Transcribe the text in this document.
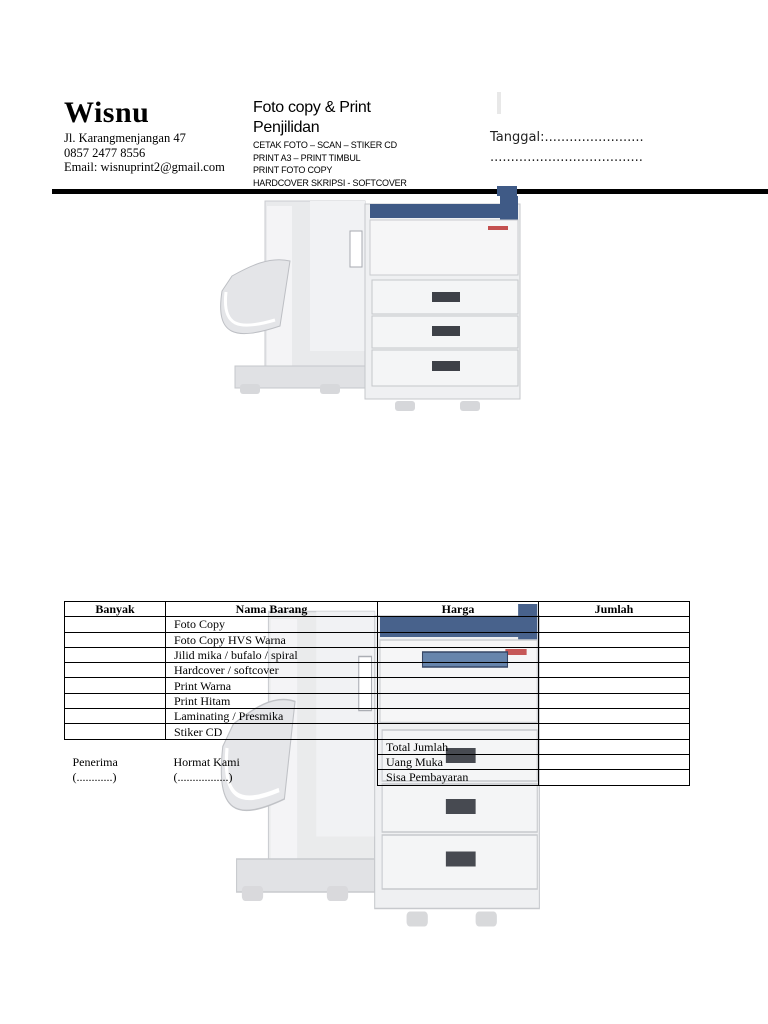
Wisnu
Jl. Karangmenjangan 47
0857 2477 8556
Email: wisnuprint2@gmail.com
Foto copy & Print
Penjilidan
CETAK FOTO – SCAN – STIKER CD
PRINT A3 – PRINT TIMBUL
PRINT FOTO COPY
HARDCOVER SKRIPSI - SOFTCOVER
Tanggal:........................
.....................................
Banyak	Nama Barang	Harga	Jumlah
	Foto Copy		
	Foto Copy HVS Warna		
	Jilid mika / bufalo / spiral		
	Hardcover / softcover		
	Print Warna		
	Print Hitam		
	Laminating / Presmika		
	Stiker CD		
		Total Jumlah	
Penerima	Hormat Kami	Uang Muka	
(............)	(.................)	Sisa Pembayaran	
